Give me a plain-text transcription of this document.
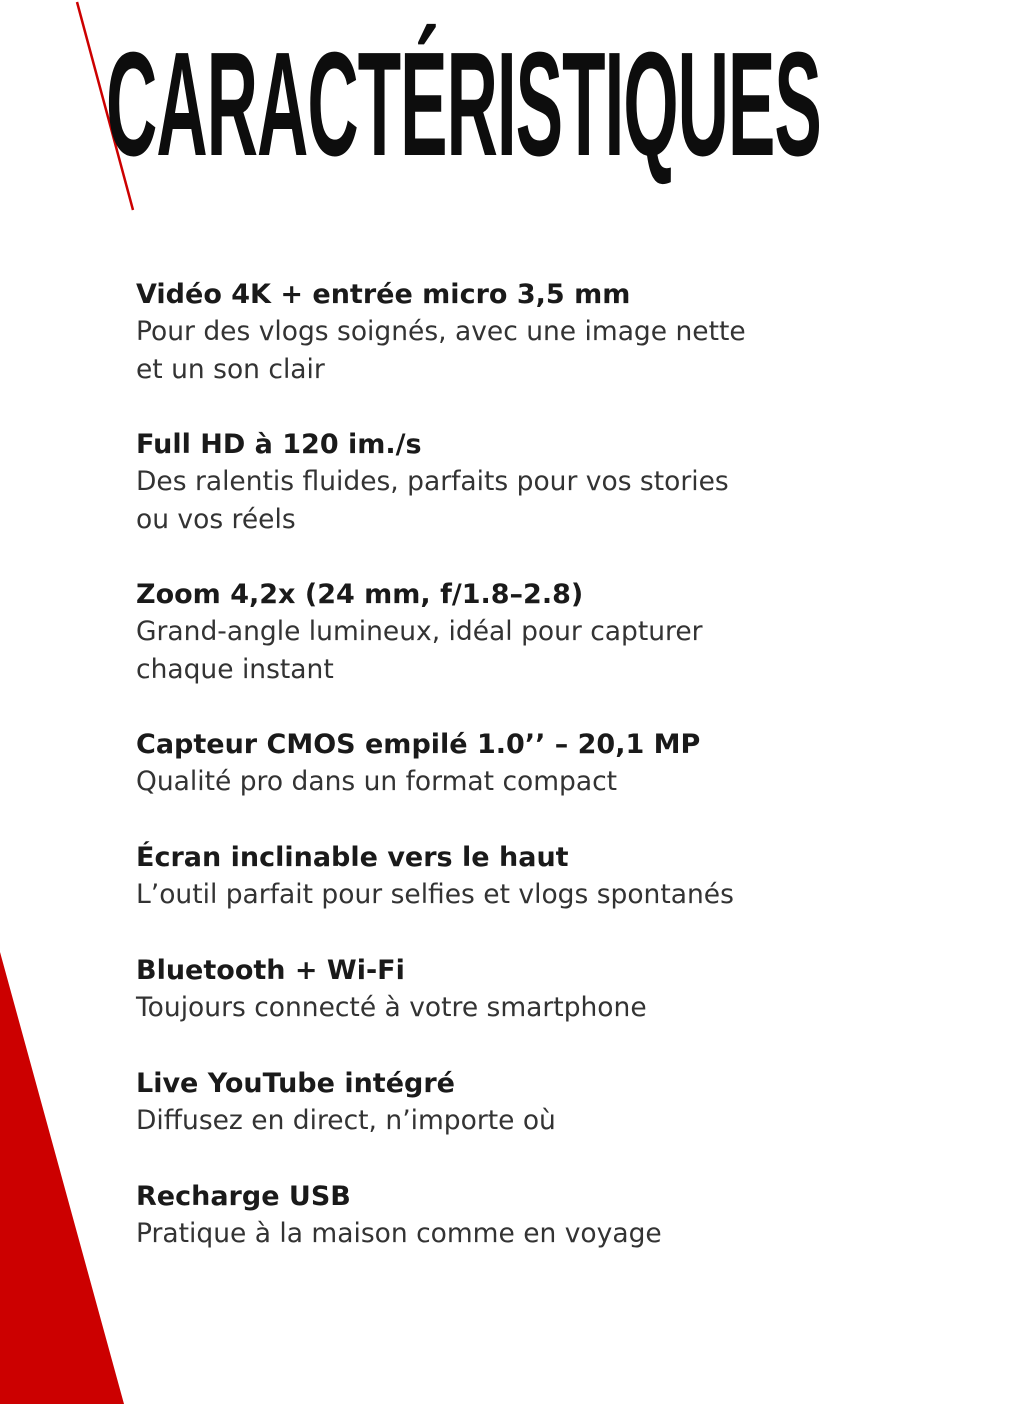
CARACTÉRISTIQUES
Vidéo 4K + entrée micro 3,5 mm
Pour des vlogs soignés, avec une image nette
et un son clair
Full HD à 120 im./s
Des ralentis fluides, parfaits pour vos stories
ou vos réels
Zoom 4,2x (24 mm, f/1.8–2.8)
Grand-angle lumineux, idéal pour capturer
chaque instant
Capteur CMOS empilé 1.0’’ – 20,1 MP
Qualité pro dans un format compact
Écran inclinable vers le haut
L’outil parfait pour selfies et vlogs spontanés
Bluetooth + Wi-Fi
Toujours connecté à votre smartphone
Live YouTube intégré
Diffusez en direct, n’importe où
Recharge USB
Pratique à la maison comme en voyage
